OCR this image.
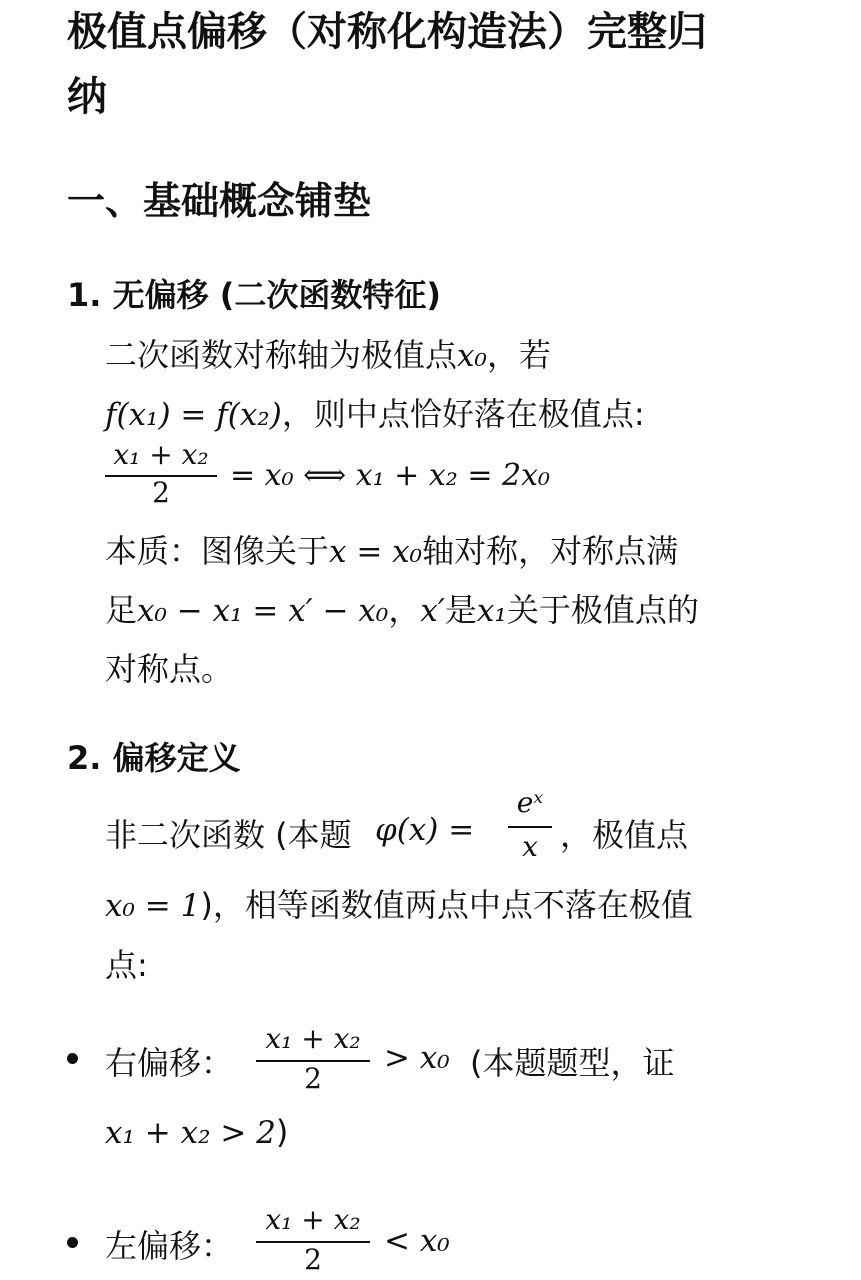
极值点偏移（对称化构造法）完整归
纳
一、基础概念铺垫
1. 无偏移 (二次函数特征)
二次函数对称轴为极值点x₀，若
f(x₁) = f(x₂)，则中点恰好落在极值点:
x₁ + x₂
2	= x₀ ⟺ x₁ + x₂ = 2x₀
本质：图像关于x = x₀轴对称，对称点满
足x₀ − x₁ = x′ − x₀，x′是x₁关于极值点的
对称点。
2. 偏移定义
非二次函数 (本题 φ(x) =
eˣ
x ，极值点
x₀ = 1)，相等函数值两点中点不落在极值
点:
右偏移：
x₁ + x₂
2
> x₀ (本题题型，证
x₁ + x₂ > 2)
左偏移：
x₁ + x₂
2
< x₀
